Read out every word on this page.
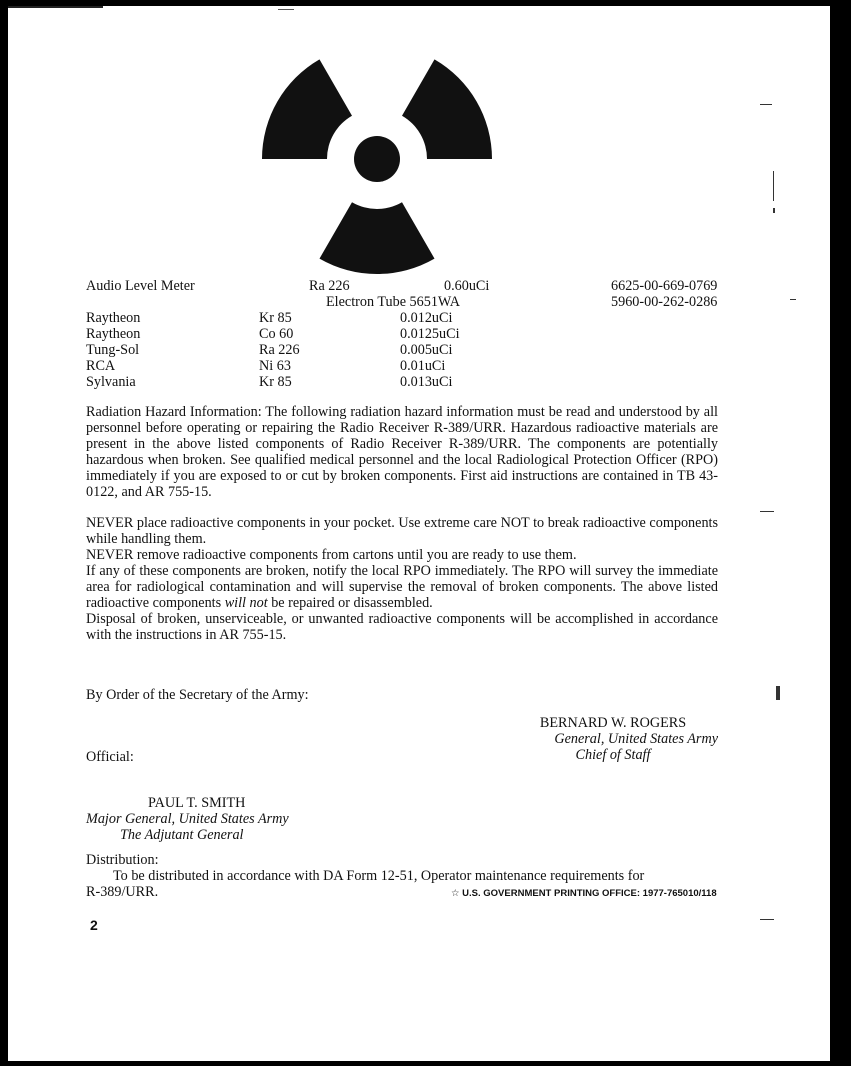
Audio Level Meter	Ra 226	0.60uCi	6625-00-669-0769
Electron Tube 5651WA	5960-00-262-0286
Raytheon	Kr 85	0.012uCi
Raytheon	Co 60	0.0125uCi
Tung-Sol	Ra 226	0.005uCi
RCA	Ni 63	0.01uCi
Sylvania	Kr 85	0.013uCi

Radiation Hazard Information: The following radiation hazard information must be read and understood by all personnel before operating or repairing the Radio Receiver R-389/URR. Hazardous radioactive materials are present in the above listed components of Radio Receiver R-389/URR. The components are potentially hazardous when broken. See qualified medical personnel and the local Radiological Protection Officer (RPO) immediately if you are exposed to or cut by broken components. First aid instructions are contained in TB 43-0122, and AR 755-15.

NEVER place radioactive components in your pocket. Use extreme care NOT to break radioactive components while handling them.

NEVER remove radioactive components from cartons until you are ready to use them.

If any of these components are broken, notify the local RPO immediately. The RPO will survey the immediate area for radiological contamination and will supervise the removal of broken components. The above listed radioactive components will not be repaired or disassembled.

Disposal of broken, unserviceable, or unwanted radioactive components will be accomplished in accordance with the instructions in AR 755-15.

By Order of the Secretary of the Army:
BERNARD W. ROGERS
General, United States Army
Chief of Staff
Official:
PAUL T. SMITH
Major General, United States Army
The Adjutant General
Distribution:
To be distributed in accordance with DA Form 12-51, Operator maintenance requirements for
R-389/URR.	☆ U.S. GOVERNMENT PRINTING OFFICE: 1977-765010/118
2
